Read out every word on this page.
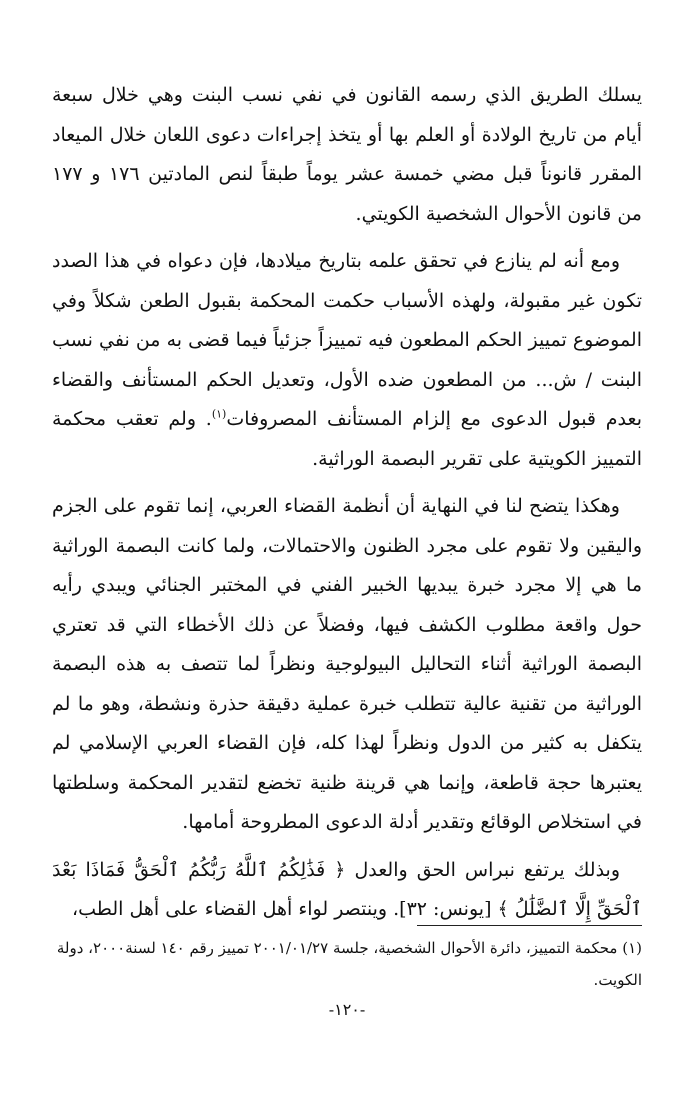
يسلك الطريق الذي رسمه القانون في نفي نسب البنت وهي خلال سبعة أيام من تاريخ الولادة أو العلم بها أو يتخذ إجراءات دعوى اللعان خلال الميعاد المقرر قانوناً قبل مضي خمسة عشر يوماً طبقاً لنص المادتين ١٧٦ و ١٧٧ من قانون الأحوال الشخصية الكويتي.

ومع أنه لم ينازع في تحقق علمه بتاريخ ميلادها، فإن دعواه في هذا الصدد تكون غير مقبولة، ولهذه الأسباب حكمت المحكمة بقبول الطعن شكلاً وفي الموضوع تمييز الحكم المطعون فيه تمييزاً جزئياً فيما قضى به من نفي نسب البنت / ش... من المطعون ضده الأول، وتعديل الحكم المستأنف والقضاء بعدم قبول الدعوى مع إلزام المستأنف المصروفات$^{(١)}$. ولم تعقب محكمة التمييز الكويتية على تقرير البصمة الوراثية.

وهكذا يتضح لنا في النهاية أن أنظمة القضاء العربي، إنما تقوم على الجزم واليقين ولا تقوم على مجرد الظنون والاحتمالات، ولما كانت البصمة الوراثية ما هي إلا مجرد خبرة يبديها الخبير الفني في المختبر الجنائي ويبدي رأيه حول واقعة مطلوب الكشف فيها، وفضلاً عن ذلك الأخطاء التي قد تعتري البصمة الوراثية أثناء التحاليل البيولوجية ونظراً لما تتصف به هذه البصمة الوراثية من تقنية عالية تتطلب خبرة عملية دقيقة حذرة ونشطة، وهو ما لم يتكفل به كثير من الدول ونظراً لهذا كله، فإن القضاء العربي الإسلامي لم يعتبرها حجة قاطعة، وإنما هي قرينة ظنية تخضع لتقدير المحكمة وسلطتها في استخلاص الوقائع وتقدير أدلة الدعوى المطروحة أمامها.

وبذلك يرتفع نبراس الحق والعدل ﴿ فَذَٰلِكُمُ ٱللَّهُ رَبُّكُمُ ٱلْحَقُّ فَمَاذَا بَعْدَ ٱلْحَقِّ إِلَّا ٱلضَّلَٰلُ ﴾ [يونس: ٣٢]. وينتصر لواء أهل القضاء على أهل الطب،

(١) محكمة التمييز، دائرة الأحوال الشخصية، جلسة ٢٠٠١/٠١/٢٧ تمييز رقم ١٤٠ لسنة٢٠٠٠، دولة الكويت.
-١٢٠-
